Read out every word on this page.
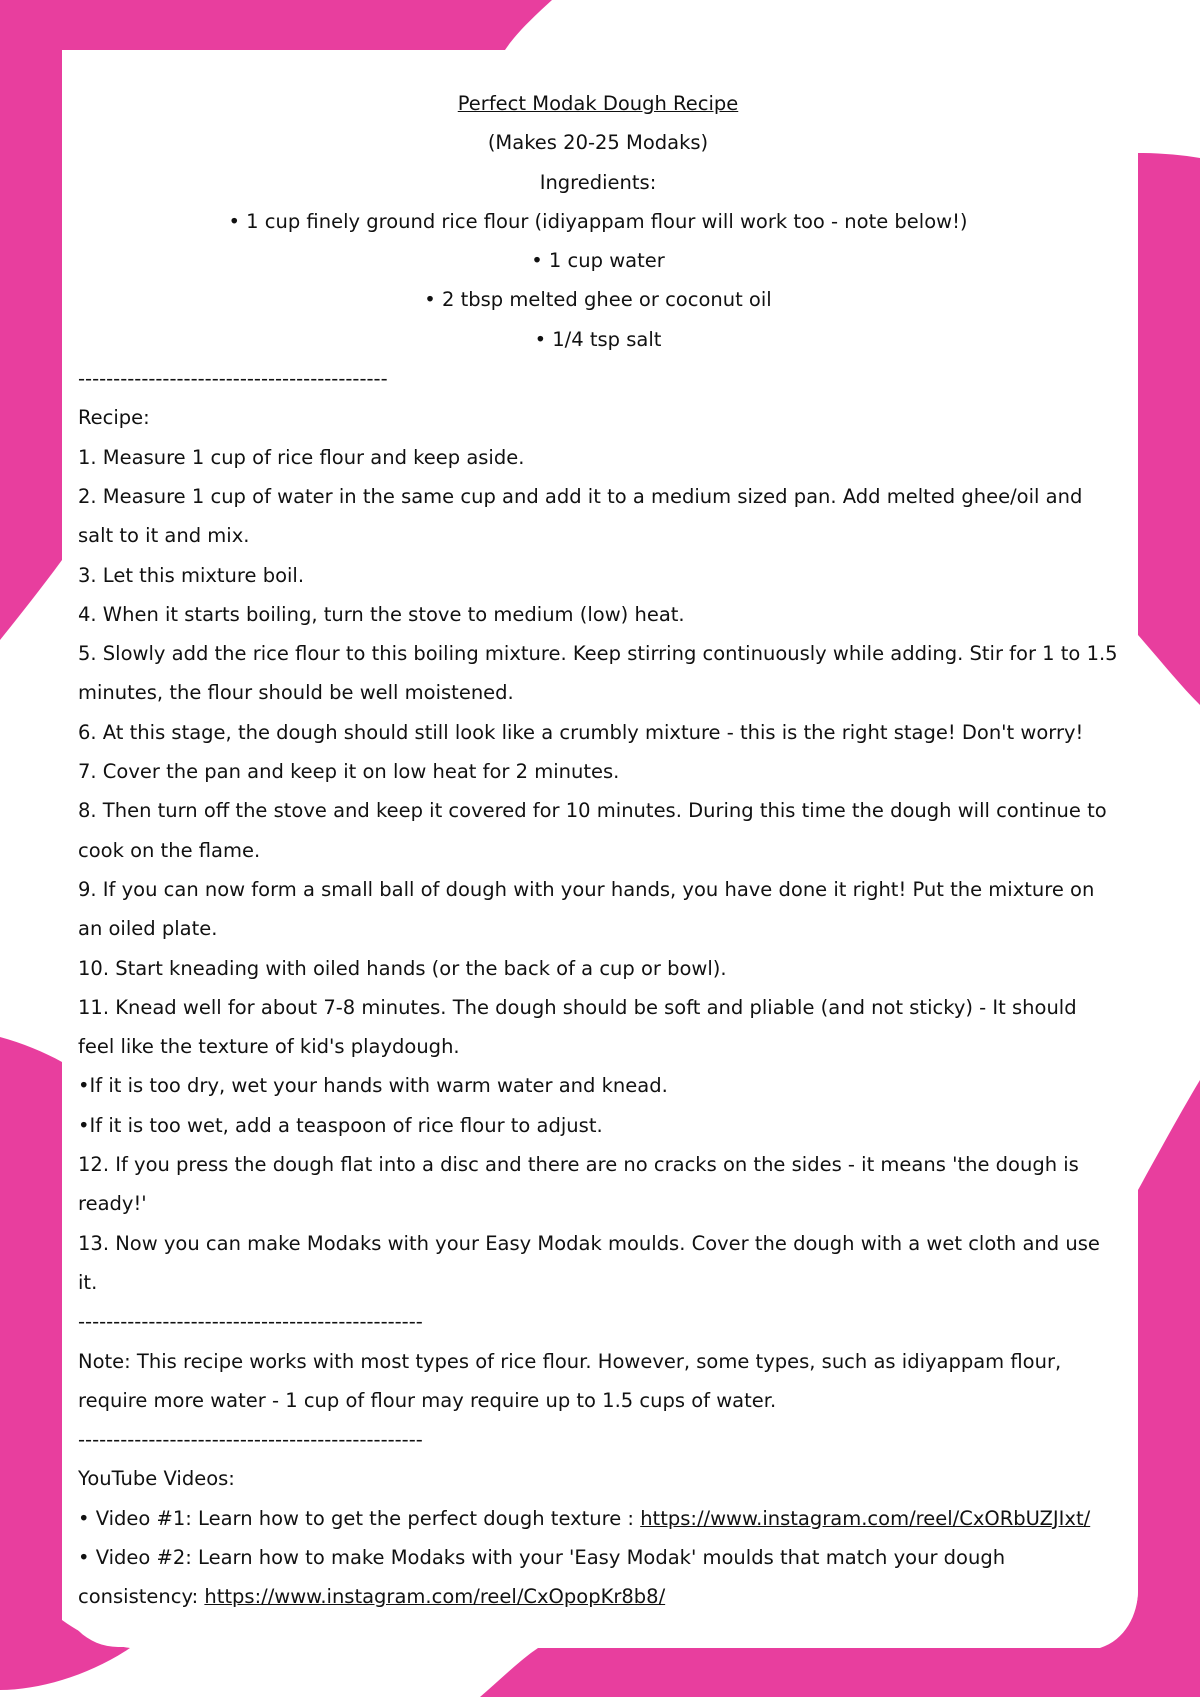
Perfect Modak Dough Recipe

(Makes 20-25 Modaks)

Ingredients:

• 1 cup finely ground rice flour (idiyappam flour will work too - note below!)

• 1 cup water

• 2 tbsp melted ghee or coconut oil

• 1/4 tsp salt

--------------------------------------------

Recipe:

1. Measure 1 cup of rice flour and keep aside.

2. Measure 1 cup of water in the same cup and add it to a medium sized pan. Add melted ghee/oil and salt to it and mix.

3. Let this mixture boil.

4. When it starts boiling, turn the stove to medium (low) heat.

5. Slowly add the rice flour to this boiling mixture. Keep stirring continuously while adding. Stir for 1 to 1.5 minutes, the flour should be well moistened.

6. At this stage, the dough should still look like a crumbly mixture - this is the right stage! Don't worry!

7. Cover the pan and keep it on low heat for 2 minutes.

8. Then turn off the stove and keep it covered for 10 minutes. During this time the dough will continue to cook on the flame.

9. If you can now form a small ball of dough with your hands, you have done it right! Put the mixture on an oiled plate.

10. Start kneading with oiled hands (or the back of a cup or bowl).

11. Knead well for about 7-8 minutes. The dough should be soft and pliable (and not sticky) - It should feel like the texture of kid's playdough.

•If it is too dry, wet your hands with warm water and knead.

•If it is too wet, add a teaspoon of rice flour to adjust.

12. If you press the dough flat into a disc and there are no cracks on the sides - it means 'the dough is ready!'

13. Now you can make Modaks with your Easy Modak moulds. Cover the dough with a wet cloth and use it.

-------------------------------------------------

Note: This recipe works with most types of rice flour. However, some types, such as idiyappam flour, require more water - 1 cup of flour may require up to 1.5 cups of water.

-------------------------------------------------

YouTube Videos:

• Video #1: Learn how to get the perfect dough texture : https://www.instagram.com/reel/CxORbUZJIxt/

• Video #2: Learn how to make Modaks with your 'Easy Modak' moulds that match your dough consistency: https://www.instagram.com/reel/CxOpopKr8b8/
